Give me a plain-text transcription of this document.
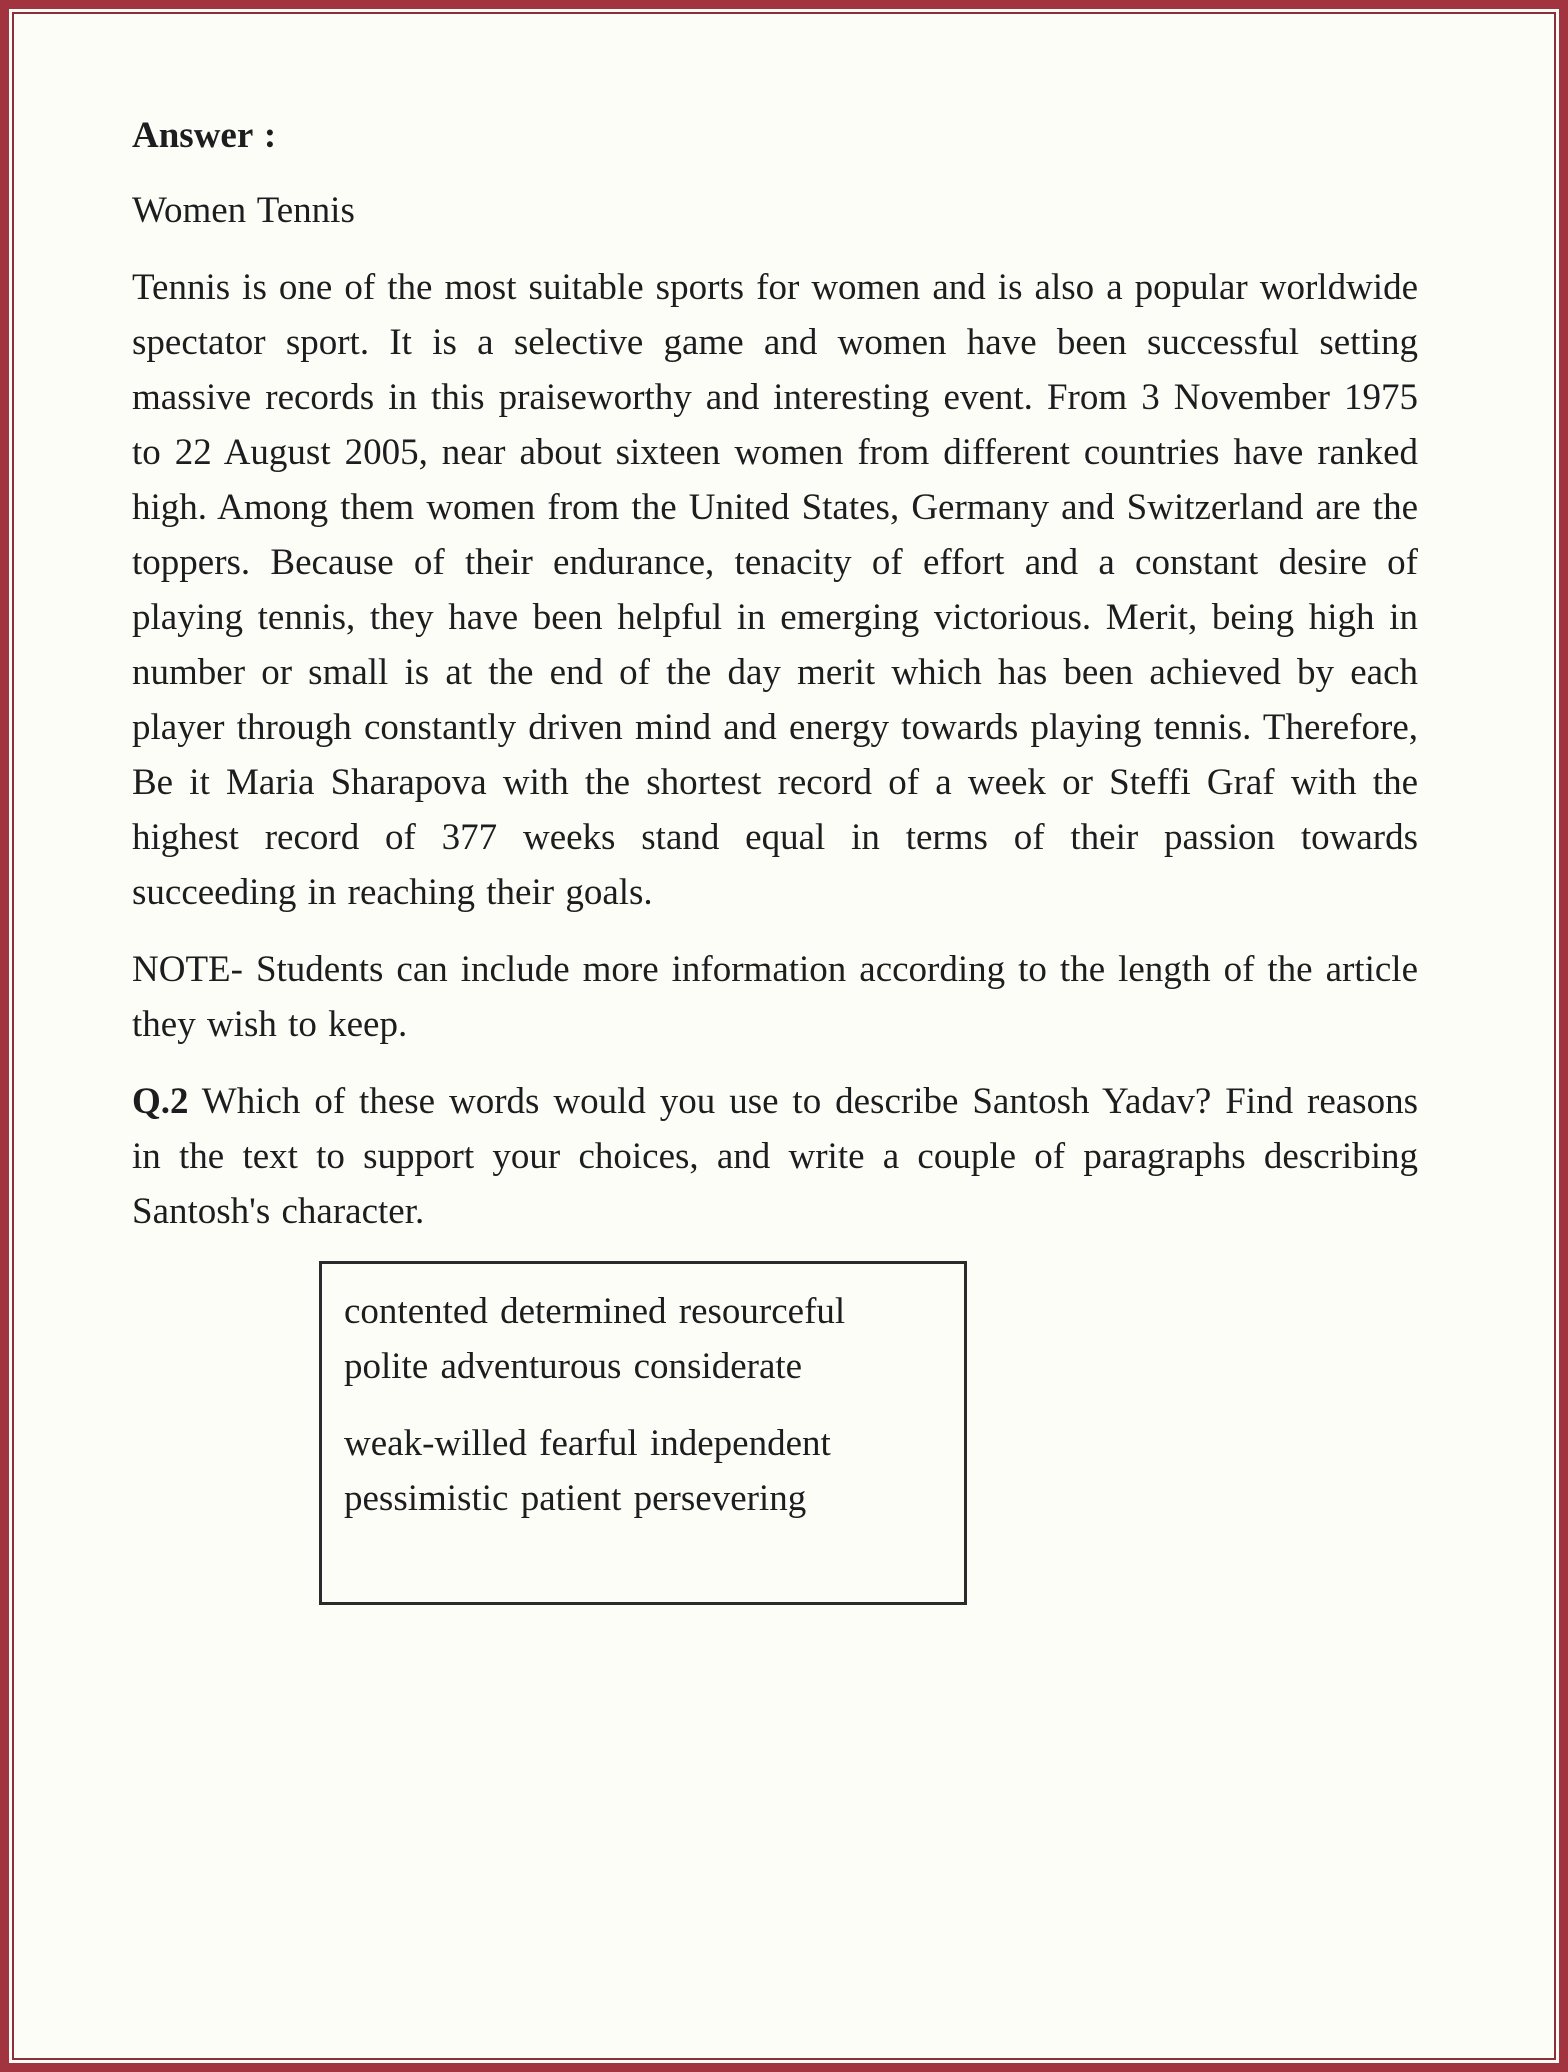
Answer :

Women Tennis

Tennis is one of the most suitable sports for women and is also a popular worldwide spectator sport. It is a selective game and women have been successful setting massive records in this praiseworthy and interesting event. From 3 November 1975 to 22 August 2005, near about sixteen women from different countries have ranked high. Among them women from the United States, Germany and Switzerland are the toppers. Because of their endurance, tenacity of effort and a constant desire of playing tennis, they have been helpful in emerging victorious. Merit, being high in number or small is at the end of the day merit which has been achieved by each player through constantly driven mind and energy towards playing tennis. Therefore, Be it Maria Sharapova with the shortest record of a week or Steffi Graf with the highest record of 377 weeks stand equal in terms of their passion towards succeeding in reaching their goals.

NOTE- Students can include more information according to the length of the article they wish to keep.

Q.2 Which of these words would you use to describe Santosh Yadav? Find reasons in the text to support your choices, and write a couple of paragraphs describing Santosh's character.

contented determined resourceful
polite adventurous considerate
weak-willed fearful independent
pessimistic patient persevering
